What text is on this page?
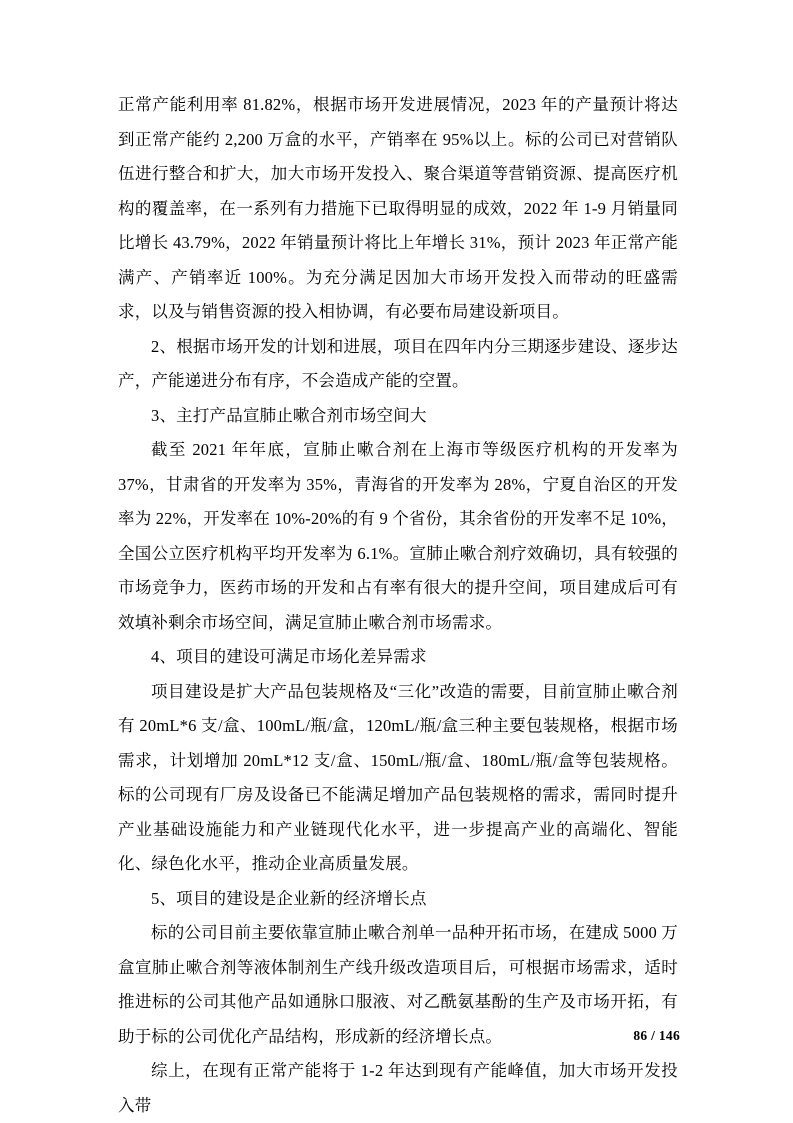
正常产能利用率 81.82%，根据市场开发进展情况，2023 年的产量预计将达到正常产能约 2,200 万盒的水平，产销率在 95%以上。标的公司已对营销队伍进行整合和扩大，加大市场开发投入、聚合渠道等营销资源、提高医疗机构的覆盖率，在一系列有力措施下已取得明显的成效，2022 年 1-9 月销量同比增长 43.79%，2022 年销量预计将比上年增长 31%，预计 2023 年正常产能满产、产销率近 100%。为充分满足因加大市场开发投入而带动的旺盛需求，以及与销售资源的投入相协调，有必要布局建设新项目。

2、根据市场开发的计划和进展，项目在四年内分三期逐步建设、逐步达产，产能递进分布有序，不会造成产能的空置。

3、主打产品宣肺止嗽合剂市场空间大

截至 2021 年年底，宣肺止嗽合剂在上海市等级医疗机构的开发率为 37%，甘肃省的开发率为 35%，青海省的开发率为 28%，宁夏自治区的开发率为 22%，开发率在 10%-20%的有 9 个省份，其余省份的开发率不足 10%，全国公立医疗机构平均开发率为 6.1%。宣肺止嗽合剂疗效确切，具有较强的市场竞争力，医药市场的开发和占有率有很大的提升空间，项目建成后可有效填补剩余市场空间，满足宣肺止嗽合剂市场需求。

4、项目的建设可满足市场化差异需求

项目建设是扩大产品包装规格及“三化”改造的需要，目前宣肺止嗽合剂有 20mL*6 支/盒、100mL/瓶/盒，120mL/瓶/盒三种主要包装规格，根据市场需求，计划增加 20mL*12 支/盒、150mL/瓶/盒、180mL/瓶/盒等包装规格。标的公司现有厂房及设备已不能满足增加产品包装规格的需求，需同时提升产业基础设施能力和产业链现代化水平，进一步提高产业的高端化、智能化、绿色化水平，推动企业高质量发展。

5、项目的建设是企业新的经济增长点

标的公司目前主要依靠宣肺止嗽合剂单一品种开拓市场，在建成 5000 万盒宣肺止嗽合剂等液体制剂生产线升级改造项目后，可根据市场需求，适时推进标的公司其他产品如通脉口服液、对乙酰氨基酚的生产及市场开拓，有助于标的公司优化产品结构，形成新的经济增长点。

综上，在现有正常产能将于 1-2 年达到现有产能峰值，加大市场开发投入带

86 / 146
